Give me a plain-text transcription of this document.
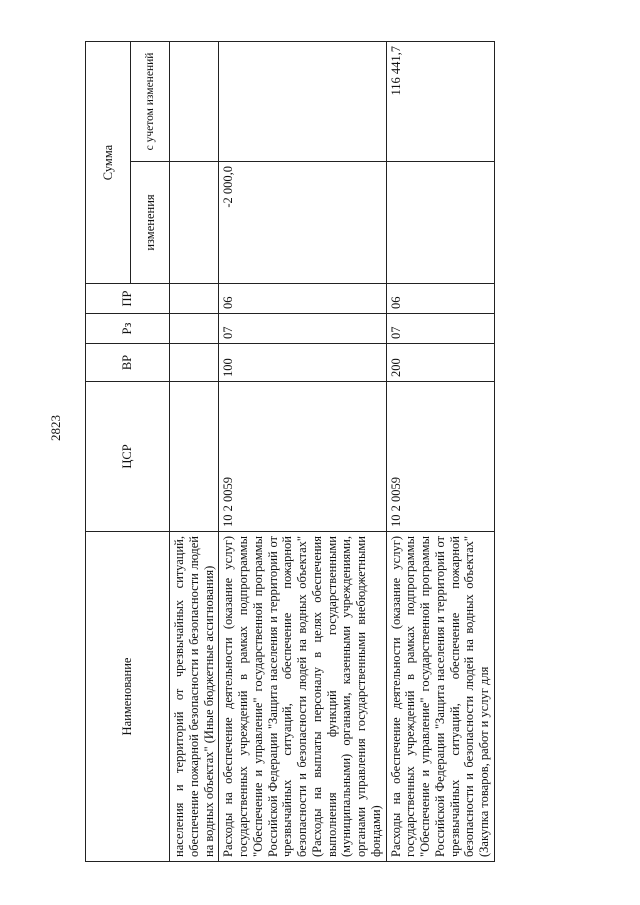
2823
Наименование	ЦСР	ВР	Рз	ПР	Сумма	
					изменения	с учетом изменений
населения и территорий от чрезвычайных ситуаций, обеспечение пожарной безопасности и безопасности людей на водных объектах" (Иные бюджетные ассигнования)						
Расходы на обеспечение деятельности (оказание услуг) государственных учреждений в рамках подпрограммы "Обеспечение и управление" государственной программы Российской Федерации "Защита населения и территорий от чрезвычайных ситуаций, обеспечение пожарной безопасности и безопасности людей на водных объектах" (Расходы на выплаты персоналу в целях обеспечения выполнения функций государственными (муниципальными) органами, казенными учреждениями, органами управления государственными внебюджетными фондами)	10 2 0059	100	07	06	-2 000,0	
Расходы на обеспечение деятельности (оказание услуг) государственных учреждений в рамках подпрограммы "Обеспечение и управление" государственной программы Российской Федерации "Защита населения и территорий от чрезвычайных ситуаций, обеспечение пожарной безопасности и безопасности людей на водных объектах" (Закупка товаров, работ и услуг для	10 2 0059	200	07	06		116 441,7
